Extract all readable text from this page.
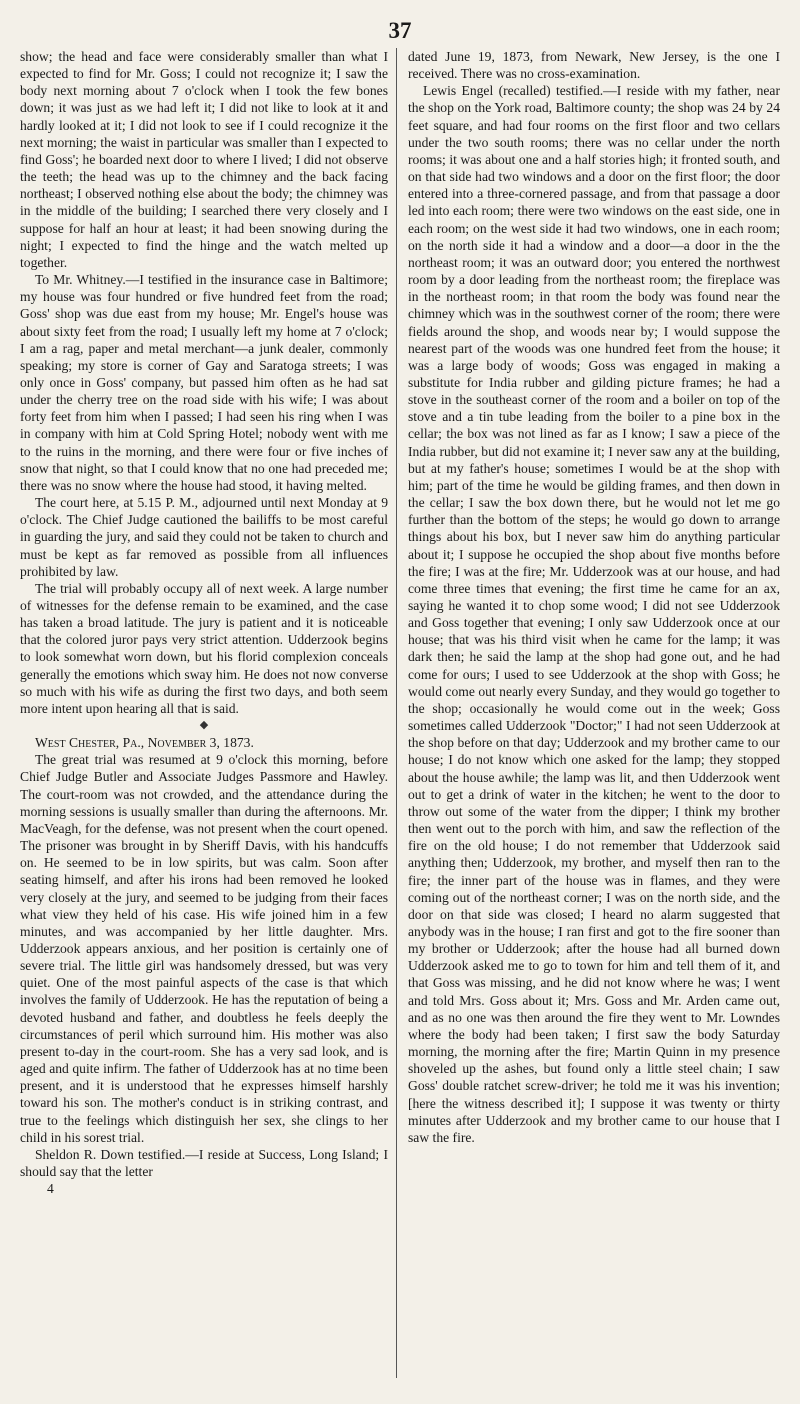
37

show; the head and face were considerably smaller than what I expected to find for Mr. Goss; I could not recognize it; I saw the body next morning about 7 o'clock when I took the few bones down; it was just as we had left it; I did not like to look at it and hardly looked at it; I did not look to see if I could recognize it the next morning; the waist in particular was smaller than I expected to find Goss'; he boarded next door to where I lived; I did not observe the teeth; the head was up to the chimney and the back facing northeast; I observed nothing else about the body; the chimney was in the middle of the building; I searched there very closely and I suppose for half an hour at least; it had been snowing during the night; I expected to find the hinge and the watch melted up together.

To Mr. Whitney.—I testified in the insurance case in Baltimore; my house was four hundred or five hundred feet from the road; Goss' shop was due east from my house; Mr. Engel's house was about sixty feet from the road; I usually left my home at 7 o'clock; I am a rag, paper and metal merchant—a junk dealer, commonly speaking; my store is corner of Gay and Saratoga streets; I was only once in Goss' company, but passed him often as he had sat under the cherry tree on the road side with his wife; I was about forty feet from him when I passed; I had seen his ring when I was in company with him at Cold Spring Hotel; nobody went with me to the ruins in the morning, and there were four or five inches of snow that night, so that I could know that no one had preceded me; there was no snow where the house had stood, it having melted.

The court here, at 5.15 P. M., adjourned until next Monday at 9 o'clock. The Chief Judge cautioned the bailiffs to be most careful in guarding the jury, and said they could not be taken to church and must be kept as far removed as possible from all influences prohibited by law.

The trial will probably occupy all of next week. A large number of witnesses for the defense remain to be examined, and the case has taken a broad latitude. The jury is patient and it is noticeable that the colored juror pays very strict attention. Udderzook begins to look somewhat worn down, but his florid complexion conceals generally the emotions which sway him. He does not now converse so much with his wife as during the first two days, and both seem more intent upon hearing all that is said.

◆

West Chester, Pa., November 3, 1873.

The great trial was resumed at 9 o'clock this morning, before Chief Judge Butler and Associate Judges Passmore and Hawley. The court-room was not crowded, and the attendance during the morning sessions is usually smaller than during the afternoons. Mr. MacVeagh, for the defense, was not present when the court opened. The prisoner was brought in by Sheriff Davis, with his handcuffs on. He seemed to be in low spirits, but was calm. Soon after seating himself, and after his irons had been removed he looked very closely at the jury, and seemed to be judging from their faces what view they held of his case. His wife joined him in a few minutes, and was accompanied by her little daughter. Mrs. Udderzook appears anxious, and her position is certainly one of severe trial. The little girl was handsomely dressed, but was very quiet. One of the most painful aspects of the case is that which involves the family of Udderzook. He has the reputation of being a devoted husband and father, and doubtless he feels deeply the circumstances of peril which surround him. His mother was also present to-day in the court-room. She has a very sad look, and is aged and quite infirm. The father of Udderzook has at no time been present, and it is understood that he expresses himself harshly toward his son. The mother's conduct is in striking contrast, and true to the feelings which distinguish her sex, she clings to her child in his sorest trial.

Sheldon R. Down testified.—I reside at Success, Long Island; I should say that the letter

4

dated June 19, 1873, from Newark, New Jersey, is the one I received. There was no cross-examination.

Lewis Engel (recalled) testified.—I reside with my father, near the shop on the York road, Baltimore county; the shop was 24 by 24 feet square, and had four rooms on the first floor and two cellars under the two south rooms; there was no cellar under the north rooms; it was about one and a half stories high; it fronted south, and on that side had two windows and a door on the first floor; the door entered into a three-cornered passage, and from that passage a door led into each room; there were two windows on the east side, one in each room; on the west side it had two windows, one in each room; on the north side it had a window and a door—a door in the the northeast room; it was an outward door; you entered the northwest room by a door leading from the northeast room; the fireplace was in the northeast room; in that room the body was found near the chimney which was in the southwest corner of the room; there were fields around the shop, and woods near by; I would suppose the nearest part of the woods was one hundred feet from the house; it was a large body of woods; Goss was engaged in making a substitute for India rubber and gilding picture frames; he had a stove in the southeast corner of the room and a boiler on top of the stove and a tin tube leading from the boiler to a pine box in the cellar; the box was not lined as far as I know; I saw a piece of the India rubber, but did not examine it; I never saw any at the building, but at my father's house; sometimes I would be at the shop with him; part of the time he would be gilding frames, and then down in the cellar; I saw the box down there, but he would not let me go further than the bottom of the steps; he would go down to arrange things about his box, but I never saw him do anything particular about it; I suppose he occupied the shop about five months before the fire; I was at the fire; Mr. Udderzook was at our house, and had come three times that evening; the first time he came for an ax, saying he wanted it to chop some wood; I did not see Udderzook and Goss together that evening; I only saw Udderzook once at our house; that was his third visit when he came for the lamp; it was dark then; he said the lamp at the shop had gone out, and he had come for ours; I used to see Udderzook at the shop with Goss; he would come out nearly every Sunday, and they would go together to the shop; occasionally he would come out in the week; Goss sometimes called Udderzook "Doctor;" I had not seen Udderzook at the shop before on that day; Udderzook and my brother came to our house; I do not know which one asked for the lamp; they stopped about the house awhile; the lamp was lit, and then Udderzook went out to get a drink of water in the kitchen; he went to the door to throw out some of the water from the dipper; I think my brother then went out to the porch with him, and saw the reflection of the fire on the old house; I do not remember that Udderzook said anything then; Udderzook, my brother, and myself then ran to the fire; the inner part of the house was in flames, and they were coming out of the northeast corner; I was on the north side, and the door on that side was closed; I heard no alarm suggested that anybody was in the house; I ran first and got to the fire sooner than my brother or Udderzook; after the house had all burned down Udderzook asked me to go to town for him and tell them of it, and that Goss was missing, and he did not know where he was; I went and told Mrs. Goss about it; Mrs. Goss and Mr. Arden came out, and as no one was then around the fire they went to Mr. Lowndes where the body had been taken; I first saw the body Saturday morning, the morning after the fire; Martin Quinn in my presence shoveled up the ashes, but found only a little steel chain; I saw Goss' double ratchet screw-driver; he told me it was his invention; [here the witness described it]; I suppose it was twenty or thirty minutes after Udderzook and my brother came to our house that I saw the fire.
